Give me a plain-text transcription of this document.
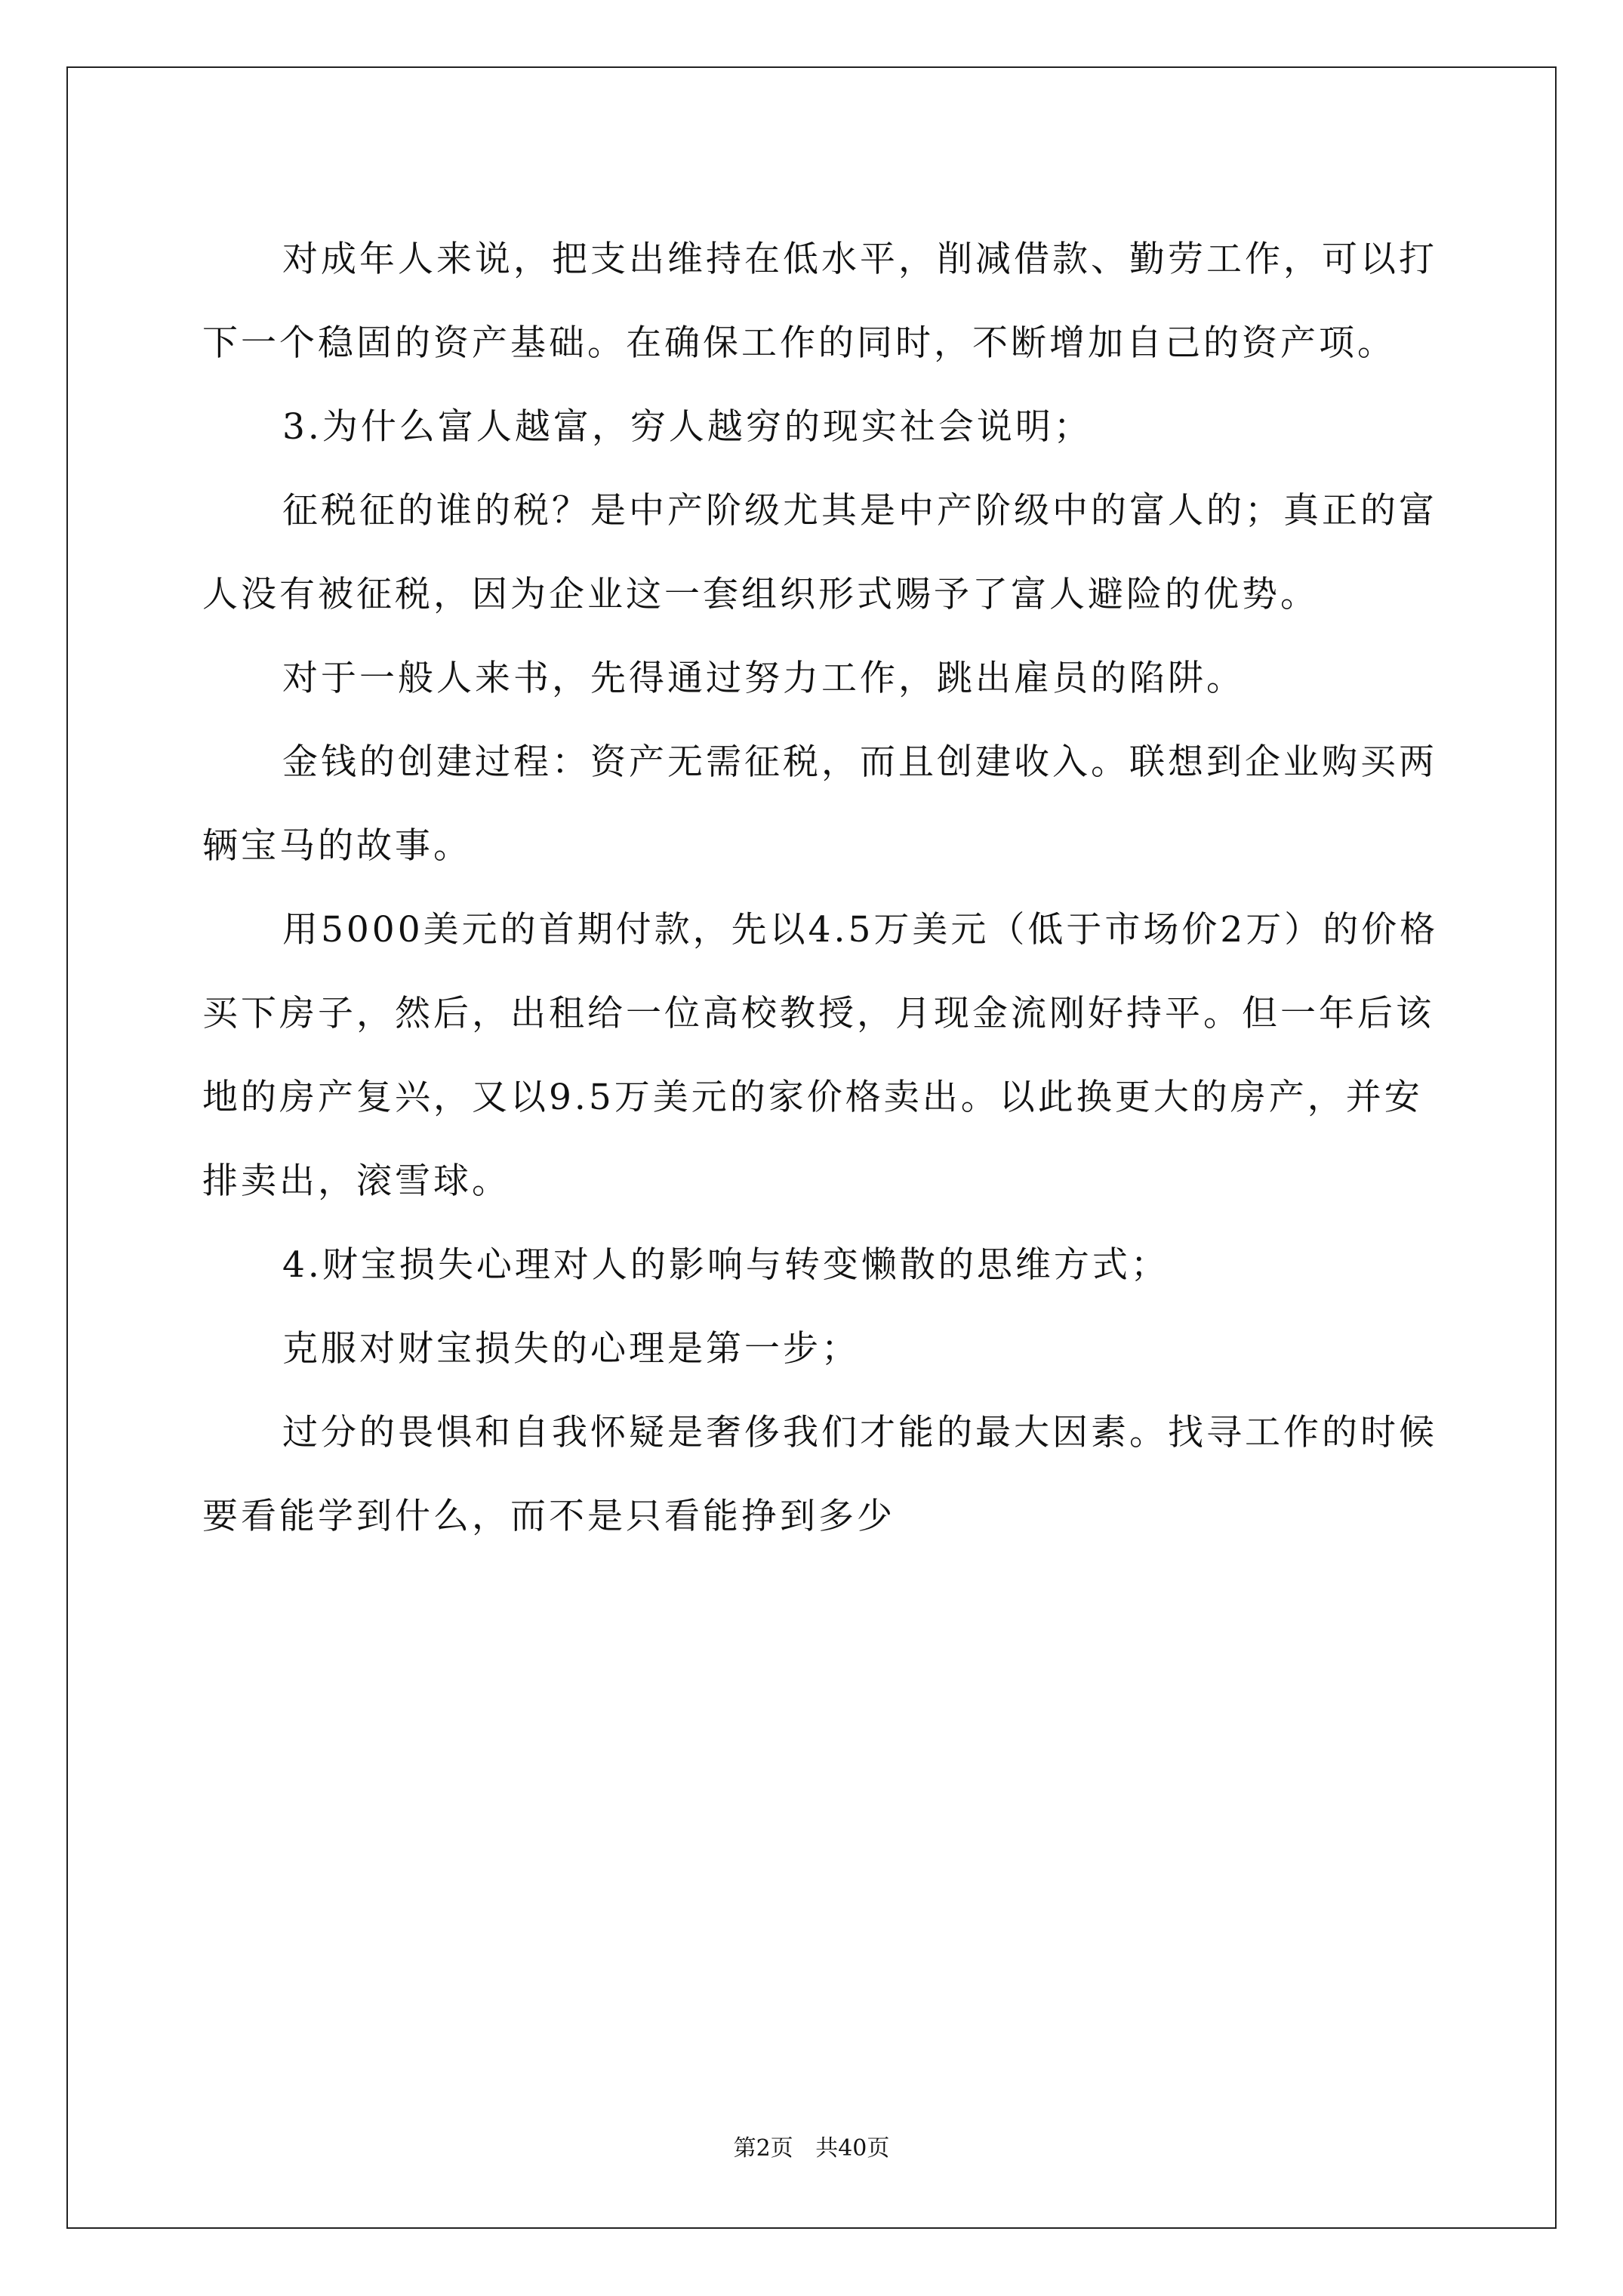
对成年人来说，把支出维持在低水平，削减借款、勤劳工作，可以打下一个稳固的资产基础。在确保工作的同时，不断增加自己的资产项。

3.为什么富人越富，穷人越穷的现实社会说明；

征税征的谁的税？是中产阶级尤其是中产阶级中的富人的；真正的富人没有被征税，因为企业这一套组织形式赐予了富人避险的优势。

对于一般人来书，先得通过努力工作，跳出雇员的陷阱。

金钱的创建过程：资产无需征税，而且创建收入。联想到企业购买两辆宝马的故事。

用5000美元的首期付款，先以4.5万美元（低于市场价2万）的价格买下房子，然后，出租给一位高校教授，月现金流刚好持平。但一年后该地的房产复兴，又以9.5万美元的家价格卖出。以此换更大的房产，并安排卖出，滚雪球。

4.财宝损失心理对人的影响与转变懒散的思维方式；

克服对财宝损失的心理是第一步；

过分的畏惧和自我怀疑是奢侈我们才能的最大因素。找寻工作的时候要看能学到什么，而不是只看能挣到多少

第2页 共40页
